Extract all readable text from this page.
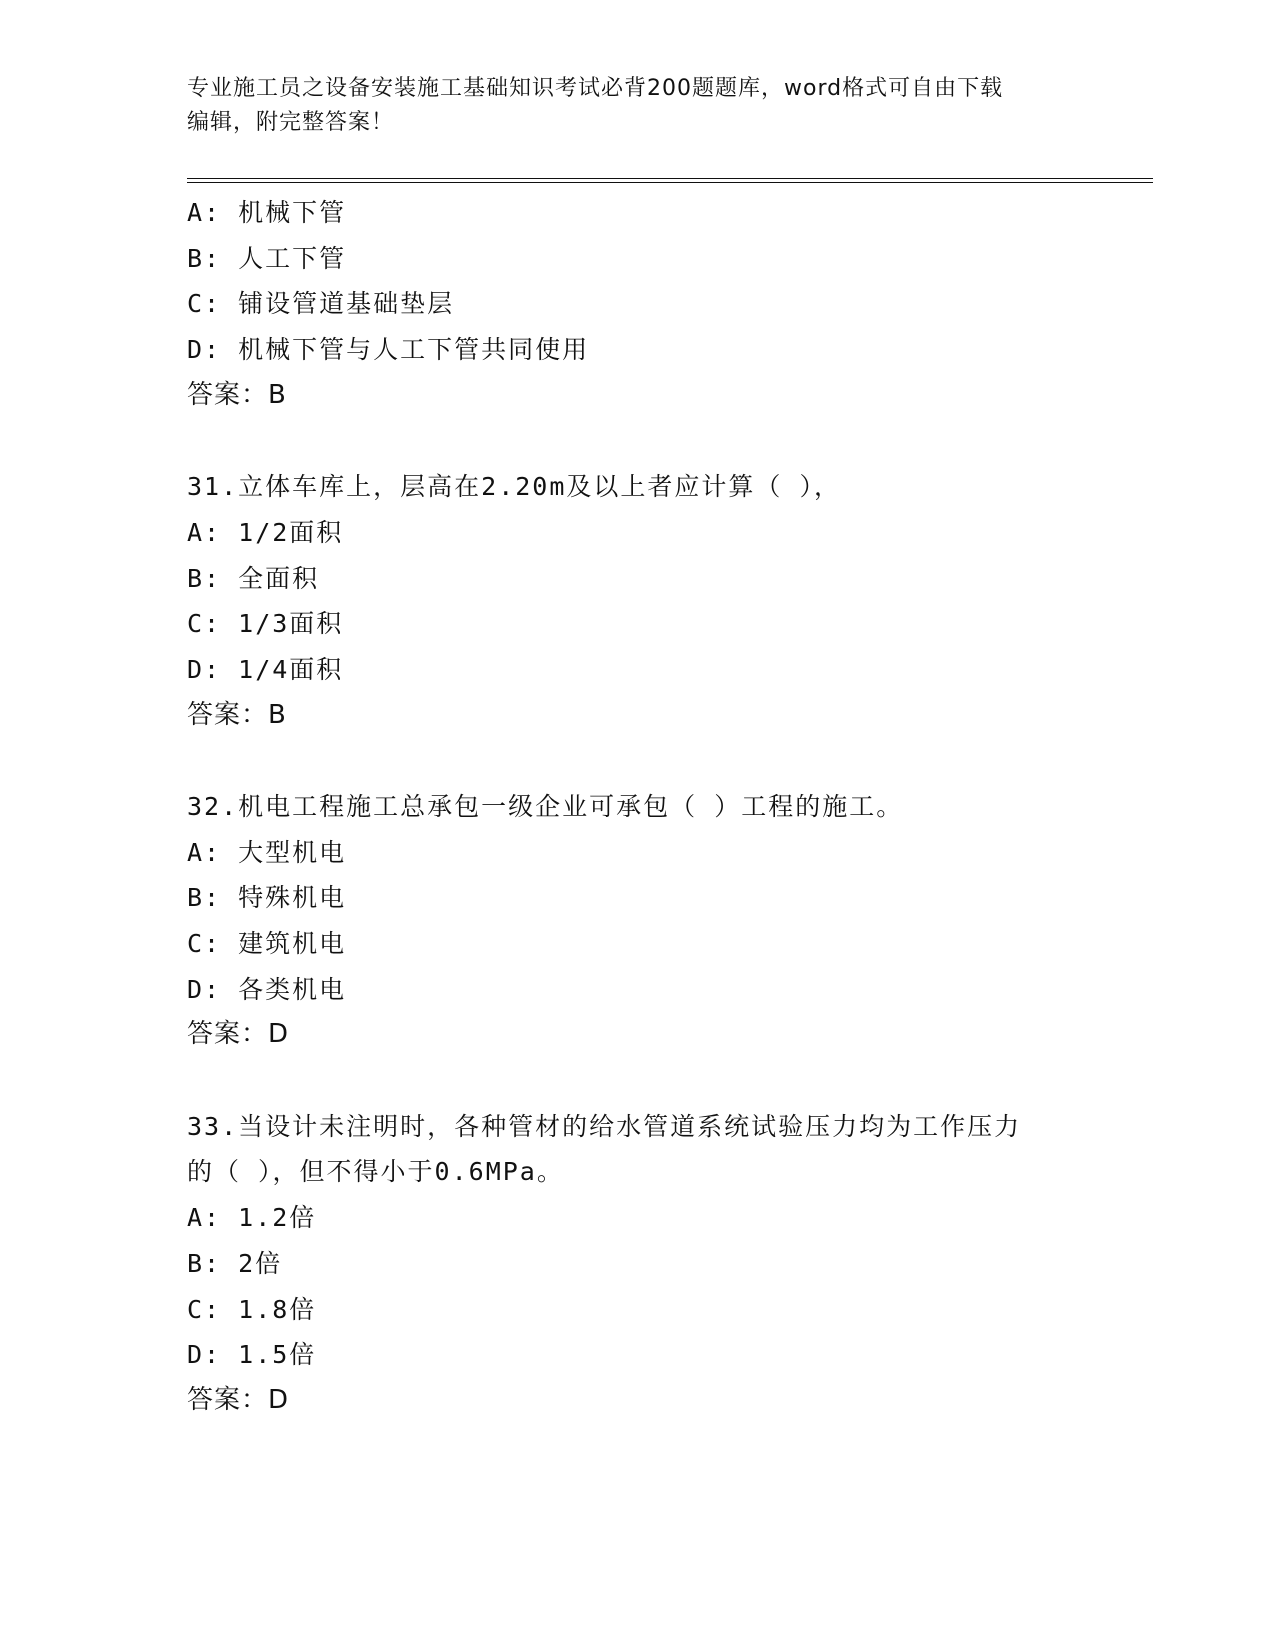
专业施工员之设备安装施工基础知识考试必背200题题库，word格式可自由下载
编辑，附完整答案！
A: 机械下管
B: 人工下管
C: 铺设管道基础垫层
D: 机械下管与人工下管共同使用
答案：B
31.立体车库上，层高在2.20m及以上者应计算（ ），
A: 1/2面积
B: 全面积
C: 1/3面积
D: 1/4面积
答案：B
32.机电工程施工总承包一级企业可承包（ ）工程的施工。
A: 大型机电
B: 特殊机电
C: 建筑机电
D: 各类机电
答案：D
33.当设计未注明时，各种管材的给水管道系统试验压力均为工作压力
的（ ），但不得小于0.6MPa。
A: 1.2倍
B: 2倍
C: 1.8倍
D: 1.5倍
答案：D
